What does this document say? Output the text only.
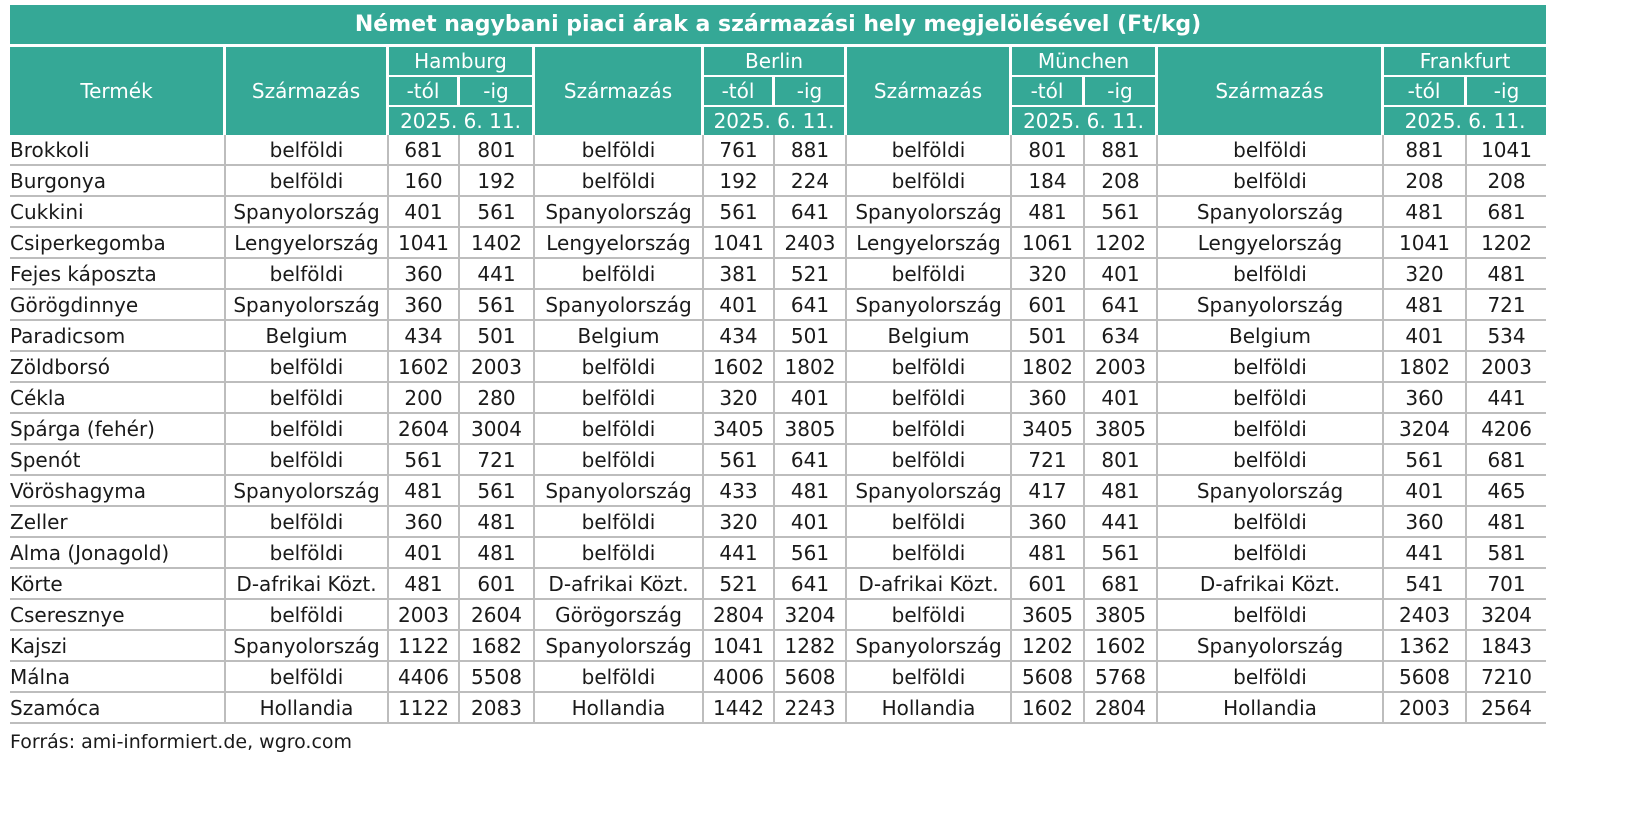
Német nagybani piaci árak a származási hely megjelölésével (Ft/kg)												
Termék	Származás	Hamburg		Származás	Berlin		Származás	München		Származás	Frankfurt	
		-tól	-ig		-tól	-ig		-tól	-ig		-tól	-ig
		2025. 6. 11.			2025. 6. 11.			2025. 6. 11.			2025. 6. 11.	
Brokkoli	belföldi	681	801	belföldi	761	881	belföldi	801	881	belföldi	881	1041
Burgonya	belföldi	160	192	belföldi	192	224	belföldi	184	208	belföldi	208	208
Cukkini	Spanyolország	401	561	Spanyolország	561	641	Spanyolország	481	561	Spanyolország	481	681
Csiperkegomba	Lengyelország	1041	1402	Lengyelország	1041	2403	Lengyelország	1061	1202	Lengyelország	1041	1202
Fejes káposzta	belföldi	360	441	belföldi	381	521	belföldi	320	401	belföldi	320	481
Görögdinnye	Spanyolország	360	561	Spanyolország	401	641	Spanyolország	601	641	Spanyolország	481	721
Paradicsom	Belgium	434	501	Belgium	434	501	Belgium	501	634	Belgium	401	534
Zöldborsó	belföldi	1602	2003	belföldi	1602	1802	belföldi	1802	2003	belföldi	1802	2003
Cékla	belföldi	200	280	belföldi	320	401	belföldi	360	401	belföldi	360	441
Spárga (fehér)	belföldi	2604	3004	belföldi	3405	3805	belföldi	3405	3805	belföldi	3204	4206
Spenót	belföldi	561	721	belföldi	561	641	belföldi	721	801	belföldi	561	681
Vöröshagyma	Spanyolország	481	561	Spanyolország	433	481	Spanyolország	417	481	Spanyolország	401	465
Zeller	belföldi	360	481	belföldi	320	401	belföldi	360	441	belföldi	360	481
Alma (Jonagold)	belföldi	401	481	belföldi	441	561	belföldi	481	561	belföldi	441	581
Körte	D-afrikai Közt.	481	601	D-afrikai Közt.	521	641	D-afrikai Közt.	601	681	D-afrikai Közt.	541	701
Cseresznye	belföldi	2003	2604	Görögország	2804	3204	belföldi	3605	3805	belföldi	2403	3204
Kajszi	Spanyolország	1122	1682	Spanyolország	1041	1282	Spanyolország	1202	1602	Spanyolország	1362	1843
Málna	belföldi	4406	5508	belföldi	4006	5608	belföldi	5608	5768	belföldi	5608	7210
Szamóca	Hollandia	1122	2083	Hollandia	1442	2243	Hollandia	1602	2804	Hollandia	2003	2564
Forrás: ami-informiert.de, wgro.com
